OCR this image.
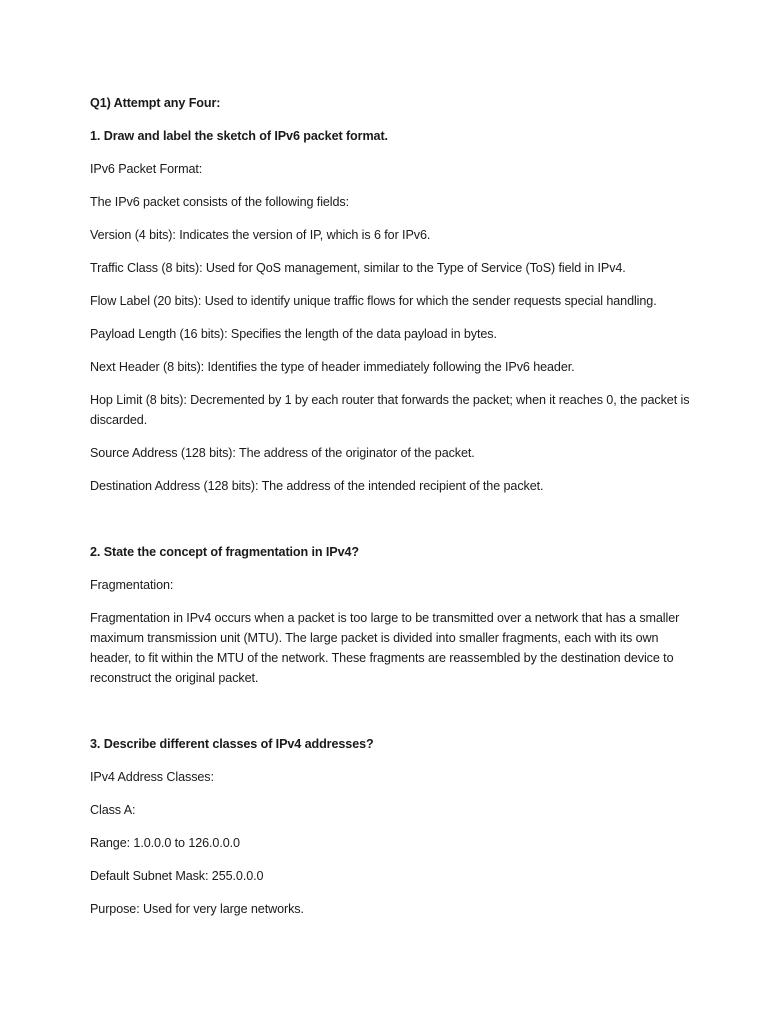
Q1) Attempt any Four:

1. Draw and label the sketch of IPv6 packet format.

IPv6 Packet Format:

The IPv6 packet consists of the following fields:

Version (4 bits): Indicates the version of IP, which is 6 for IPv6.

Traffic Class (8 bits): Used for QoS management, similar to the Type of Service (ToS) field in IPv4.

Flow Label (20 bits): Used to identify unique traffic flows for which the sender requests special handling.

Payload Length (16 bits): Specifies the length of the data payload in bytes.

Next Header (8 bits): Identifies the type of header immediately following the IPv6 header.

Hop Limit (8 bits): Decremented by 1 by each router that forwards the packet; when it reaches 0, the packet is discarded.

Source Address (128 bits): The address of the originator of the packet.

Destination Address (128 bits): The address of the intended recipient of the packet.

2. State the concept of fragmentation in IPv4?

Fragmentation:

Fragmentation in IPv4 occurs when a packet is too large to be transmitted over a network that has a smaller maximum transmission unit (MTU). The large packet is divided into smaller fragments, each with its own header, to fit within the MTU of the network. These fragments are reassembled by the destination device to reconstruct the original packet.

3. Describe different classes of IPv4 addresses?

IPv4 Address Classes:

Class A:

Range: 1.0.0.0 to 126.0.0.0

Default Subnet Mask: 255.0.0.0

Purpose: Used for very large networks.
